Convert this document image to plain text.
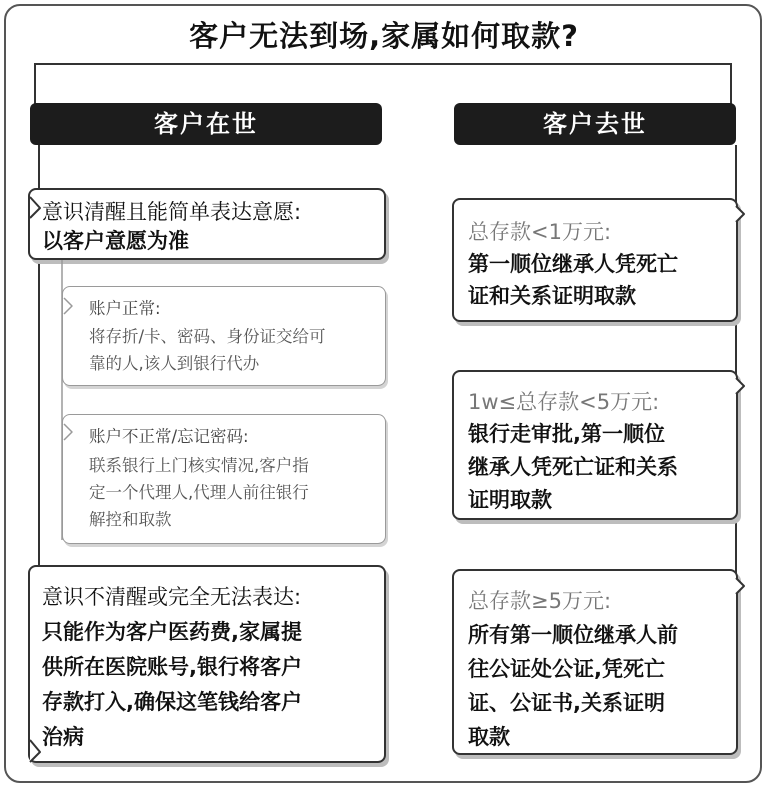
客户无法到场,家属如何取款?
客户在世	客户去世
意识清醒且能简单表达意愿:
以客户意愿为准
账户正常:
将存折/卡、密码、身份证交给可
靠的人,该人到银行代办
账户不正常/忘记密码:
联系银行上门核实情况,客户指
定一个代理人,代理人前往银行
解控和取款
意识不清醒或完全无法表达:
只能作为客户医药费,家属提
供所在医院账号,银行将客户
存款打入,确保这笔钱给客户
治病
总存款<1万元:
第一顺位继承人凭死亡
证和关系证明取款
1w≤总存款<5万元:
银行走审批,第一顺位
继承人凭死亡证和关系
证明取款
总存款≥5万元:
所有第一顺位继承人前
往公证处公证,凭死亡
证、公证书,关系证明
取款
